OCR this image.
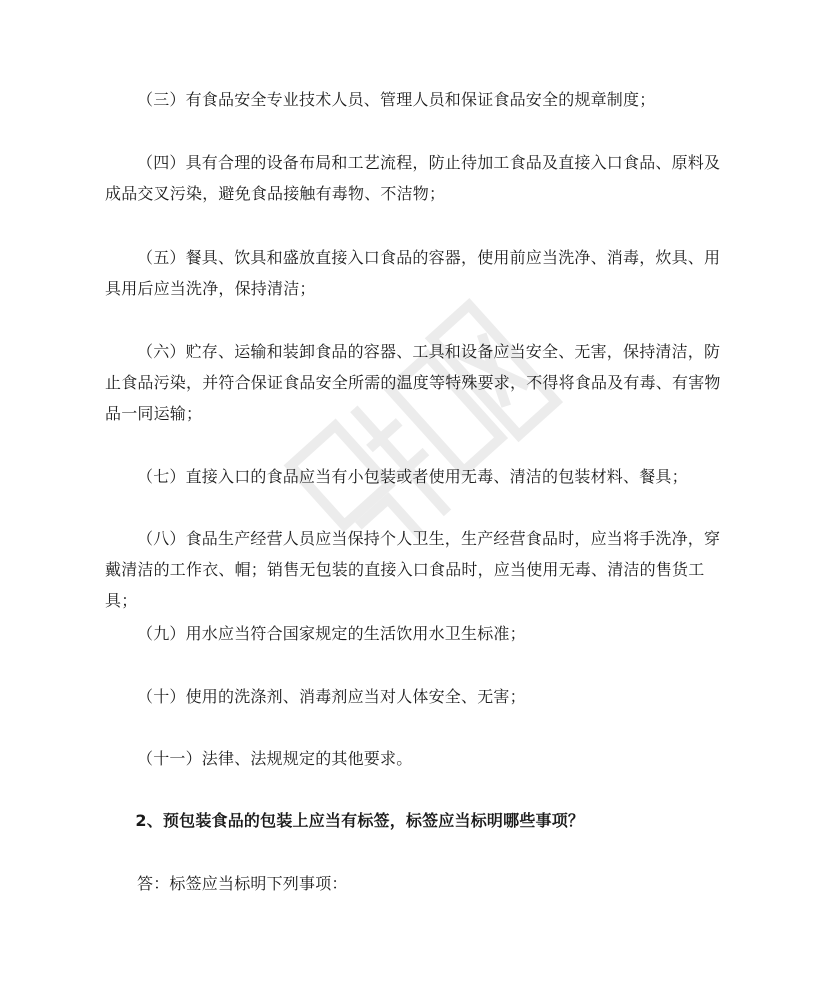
（三）有食品安全专业技术人员、管理人员和保证食品安全的规章制度；

（四）具有合理的设备布局和工艺流程，防止待加工食品及直接入口食品、原料及成品交叉污染，避免食品接触有毒物、不洁物；

（五）餐具、饮具和盛放直接入口食品的容器，使用前应当洗净、消毒，炊具、用具用后应当洗净，保持清洁；

（六）贮存、运输和装卸食品的容器、工具和设备应当安全、无害，保持清洁，防止食品污染，并符合保证食品安全所需的温度等特殊要求，不得将食品及有毒、有害物品一同运输；

（七）直接入口的食品应当有小包装或者使用无毒、清洁的包装材料、餐具；

（八）食品生产经营人员应当保持个人卫生，生产经营食品时，应当将手洗净，穿戴清洁的工作衣、帽；销售无包装的直接入口食品时，应当使用无毒、清洁的售货工具；

（九）用水应当符合国家规定的生活饮用水卫生标准；

（十）使用的洗涤剂、消毒剂应当对人体安全、无害；

（十一）法律、法规规定的其他要求。

2、预包装食品的包装上应当有标签，标签应当标明哪些事项？

答：标签应当标明下列事项：
